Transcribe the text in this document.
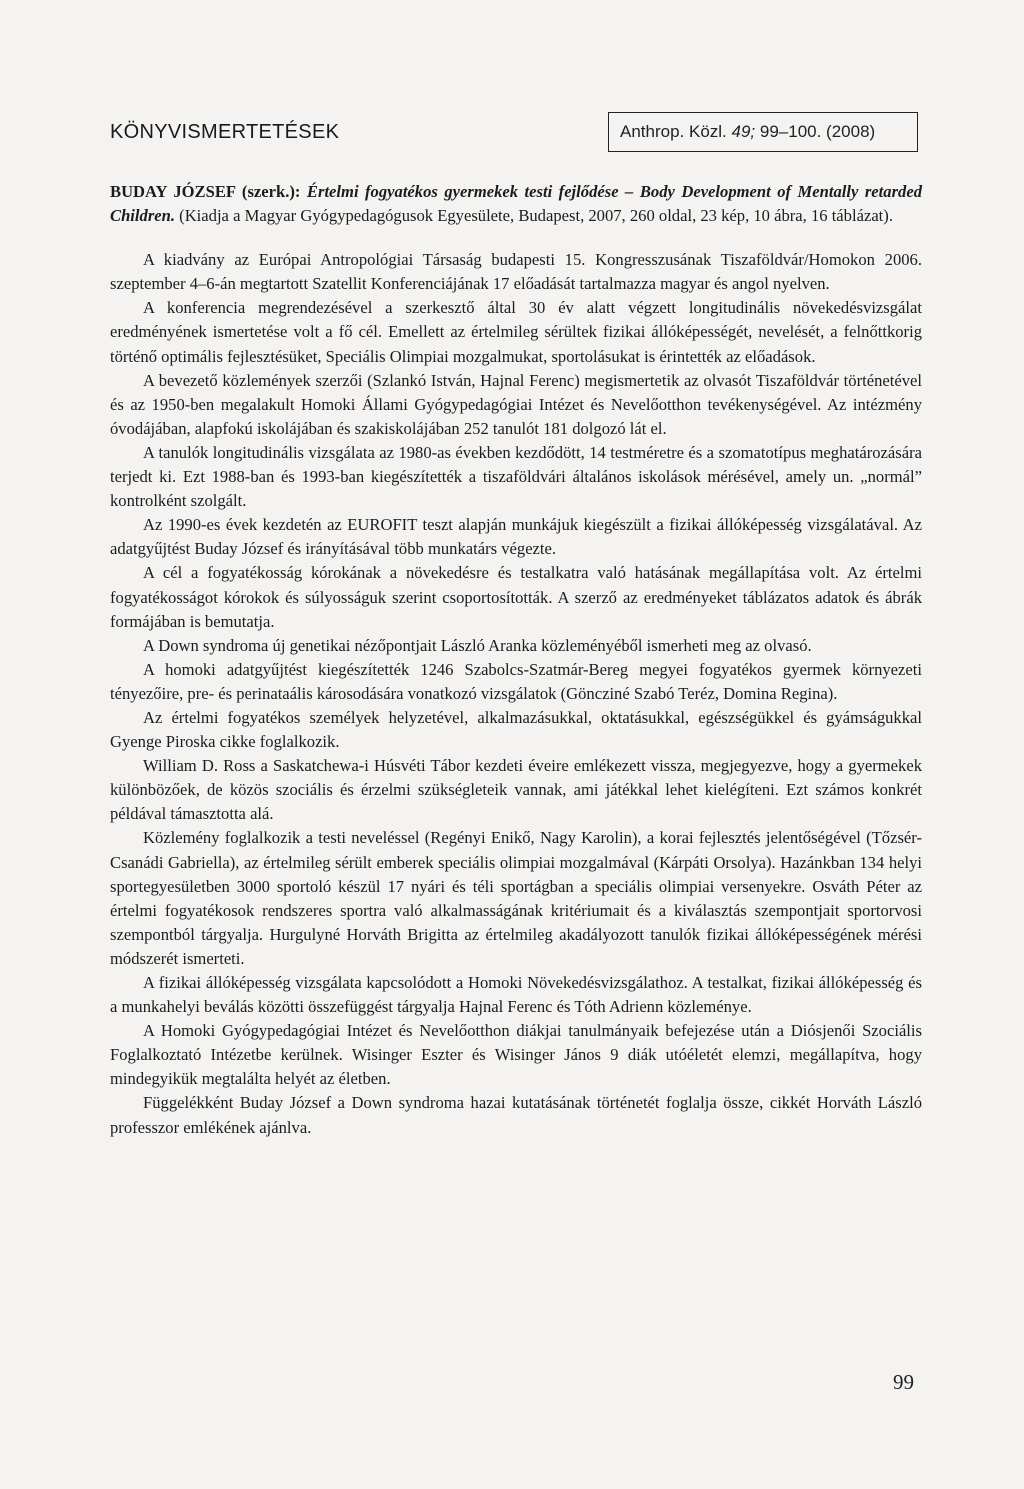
KÖNYVISMERTETÉSEK	Anthrop. Közl. 49; 99–100. (2008)

BUDAY JÓZSEF (szerk.): Értelmi fogyatékos gyermekek testi fejlődése – Body Development of Mentally retarded Children. (Kiadja a Magyar Gyógypedagógusok Egyesülete, Budapest, 2007, 260 oldal, 23 kép, 10 ábra, 16 táblázat).

A kiadvány az Európai Antropológiai Társaság budapesti 15. Kongresszusának Tiszaföldvár/Homokon 2006. szeptember 4–6-án megtartott Szatellit Konferenciájának 17 előadását tartalmazza magyar és angol nyelven.

A konferencia megrendezésével a szerkesztő által 30 év alatt végzett longitudinális növekedésvizsgálat eredményének ismertetése volt a fő cél. Emellett az értelmileg sérültek fizikai állóképességét, nevelését, a felnőttkorig történő optimális fejlesztésüket, Speciális Olimpiai mozgalmukat, sportolásukat is érintették az előadások.

A bevezető közlemények szerzői (Szlankó István, Hajnal Ferenc) megismertetik az olvasót Tiszaföldvár történetével és az 1950-ben megalakult Homoki Állami Gyógypedagógiai Intézet és Nevelőotthon tevékenységével. Az intézmény óvodájában, alapfokú iskolájában és szakiskolájában 252 tanulót 181 dolgozó lát el.

A tanulók longitudinális vizsgálata az 1980-as években kezdődött, 14 testméretre és a szomatotípus meghatározására terjedt ki. Ezt 1988-ban és 1993-ban kiegészítették a tiszaföldvári általános iskolások mérésével, amely un. „normál” kontrolként szolgált.

Az 1990-es évek kezdetén az EUROFIT teszt alapján munkájuk kiegészült a fizikai állóképesség vizsgálatával. Az adatgyűjtést Buday József és irányításával több munkatárs végezte.

A cél a fogyatékosság kórokának a növekedésre és testalkatra való hatásának megállapítása volt. Az értelmi fogyatékosságot kórokok és súlyosságuk szerint csoportosították. A szerző az eredményeket táblázatos adatok és ábrák formájában is bemutatja.

A Down syndroma új genetikai nézőpontjait László Aranka közleményéből ismerheti meg az olvasó.

A homoki adatgyűjtést kiegészítették 1246 Szabolcs-Szatmár-Bereg megyei fogyatékos gyermek környezeti tényezőire, pre- és perinataális károsodására vonatkozó vizsgálatok (Göncziné Szabó Teréz, Domina Regina).

Az értelmi fogyatékos személyek helyzetével, alkalmazásukkal, oktatásukkal, egészségükkel és gyámságukkal Gyenge Piroska cikke foglalkozik.

William D. Ross a Saskatchewa-i Húsvéti Tábor kezdeti éveire emlékezett vissza, megjegyezve, hogy a gyermekek különbözőek, de közös szociális és érzelmi szükségleteik vannak, ami játékkal lehet kielégíteni. Ezt számos konkrét példával támasztotta alá.

Közlemény foglalkozik a testi neveléssel (Regényi Enikő, Nagy Karolin), a korai fejlesztés jelentőségével (Tőzsér-Csanádi Gabriella), az értelmileg sérült emberek speciális olimpiai mozgalmával (Kárpáti Orsolya). Hazánkban 134 helyi sportegyesületben 3000 sportoló készül 17 nyári és téli sportágban a speciális olimpiai versenyekre. Osváth Péter az értelmi fogyatékosok rendszeres sportra való alkalmasságának kritériumait és a kiválasztás szempontjait sportorvosi szempontból tárgyalja. Hurgulyné Horváth Brigitta az értelmileg akadályozott tanulók fizikai állóképességének mérési módszerét ismerteti.

A fizikai állóképesség vizsgálata kapcsolódott a Homoki Növekedésvizsgálathoz. A testalkat, fizikai állóképesség és a munkahelyi beválás közötti összefüggést tárgyalja Hajnal Ferenc és Tóth Adrienn közleménye.

A Homoki Gyógypedagógiai Intézet és Nevelőotthon diákjai tanulmányaik befejezése után a Diósjenői Szociális Foglalkoztató Intézetbe kerülnek. Wisinger Eszter és Wisinger János 9 diák utóéletét elemzi, megállapítva, hogy mindegyikük megtalálta helyét az életben.

Függelékként Buday József a Down syndroma hazai kutatásának történetét foglalja össze, cikkét Horváth László professzor emlékének ajánlva.

99
